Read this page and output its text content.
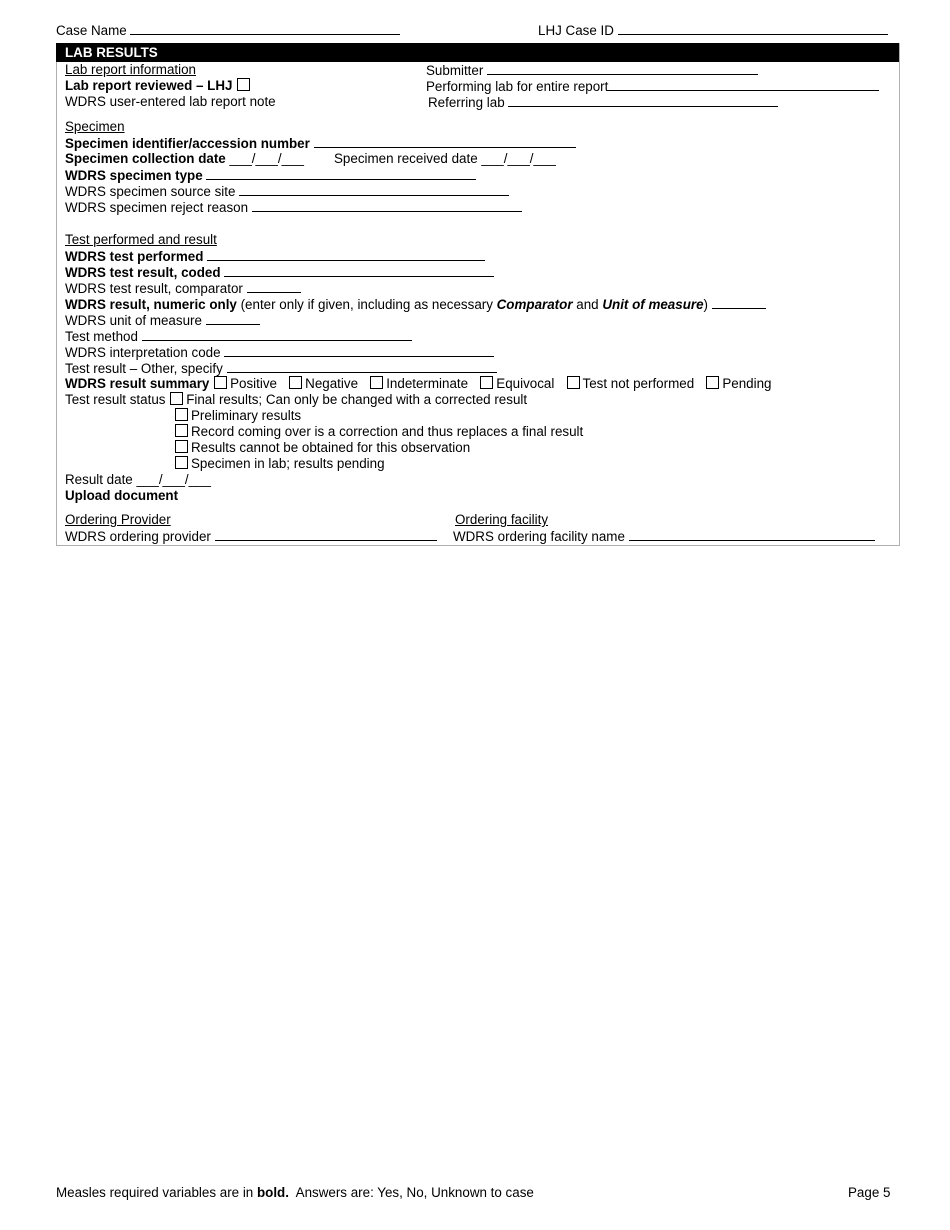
Case Name	LHJ Case ID
LAB RESULTS
Lab report information
Lab report reviewed – LHJ
WDRS user-entered lab report note
Submitter
Performing lab for entire report
Referring lab
Specimen
Specimen identifier/accession number
Specimen collection date ___/___/___ Specimen received date ___/___/___
WDRS specimen type
WDRS specimen source site
WDRS specimen reject reason
Test performed and result
WDRS test performed
WDRS test result, coded
WDRS test result, comparator
WDRS result, numeric only (enter only if given, including as necessary Comparator and Unit of measure)
WDRS unit of measure
Test method
WDRS interpretation code
Test result – Other, specify
WDRS result summary Positive Negative Indeterminate Equivocal Test not performed Pending
Test result status Final results; Can only be changed with a corrected result
Preliminary results
Record coming over is a correction and thus replaces a final result
Results cannot be obtained for this observation
Specimen in lab; results pending
Result date ___/___/___
Upload document
Ordering Provider
WDRS ordering provider
Ordering facility
WDRS ordering facility name
Measles required variables are in bold.  Answers are: Yes, No, Unknown to case	Page 5
